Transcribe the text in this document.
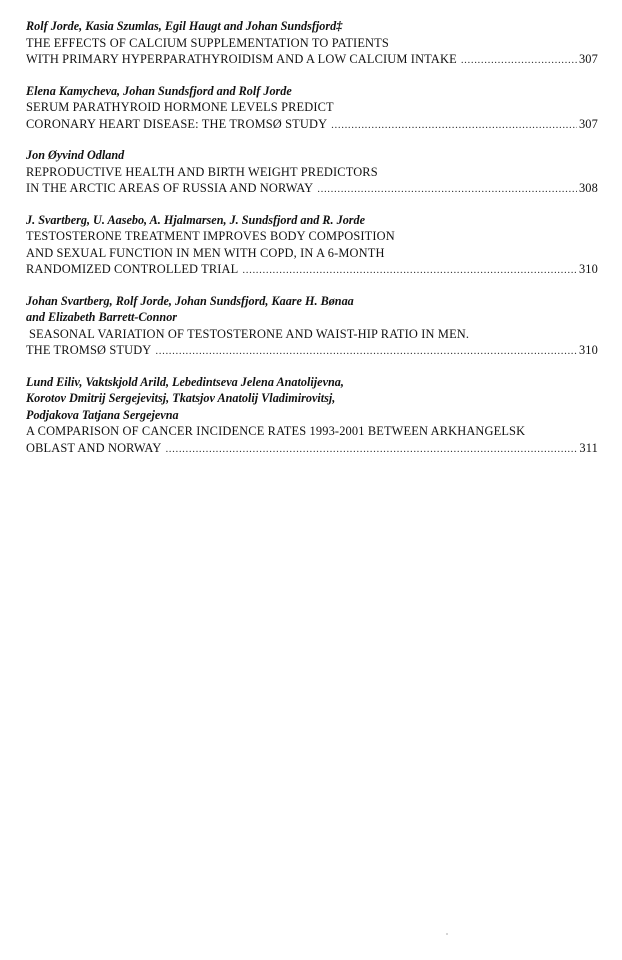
Rolf Jorde, Kasia Szumlas, Egil Haugt and Johan Sundsfjord‡
THE EFFECTS OF CALCIUM SUPPLEMENTATION TO PATIENTS
WITH PRIMARY HYPERPARATHYROIDISM AND A LOW CALCIUM INTAKE .....	307
Elena Kamycheva, Johan Sundsfjord and Rolf Jorde
SERUM PARATHYROID HORMONE LEVELS PREDICT
CORONARY HEART DISEASE: THE TROMSØ STUDY .....	307
Jon Øyvind Odland
REPRODUCTIVE HEALTH AND BIRTH WEIGHT PREDICTORS
IN THE ARCTIC AREAS OF RUSSIA AND NORWAY .....	308
J. Svartberg, U. Aasebo, A. Hjalmarsen, J. Sundsfjord and R. Jorde
TESTOSTERONE TREATMENT IMPROVES BODY COMPOSITION
AND SEXUAL FUNCTION IN MEN WITH COPD, IN A 6-MONTH
RANDOMIZED CONTROLLED TRIAL .....	310
Johan Svartberg, Rolf Jorde, Johan Sundsfjord, Kaare H. Bønaa
and Elizabeth Barrett-Connor
SEASONAL VARIATION OF TESTOSTERONE AND WAIST-HIP RATIO IN MEN.
THE TROMSØ STUDY .....	310
Lund Eiliv, Vaktskjold Arild, Lebedintseva Jelena Anatolijevna,
Korotov Dmitrij Sergejevitsj, Tkatsjov Anatolij Vladimirovitsj,
Podjakova Tatjana Sergejevna
A COMPARISON OF CANCER INCIDENCE RATES 1993-2001 BETWEEN ARKHANGELSK
OBLAST AND NORWAY .....	311
